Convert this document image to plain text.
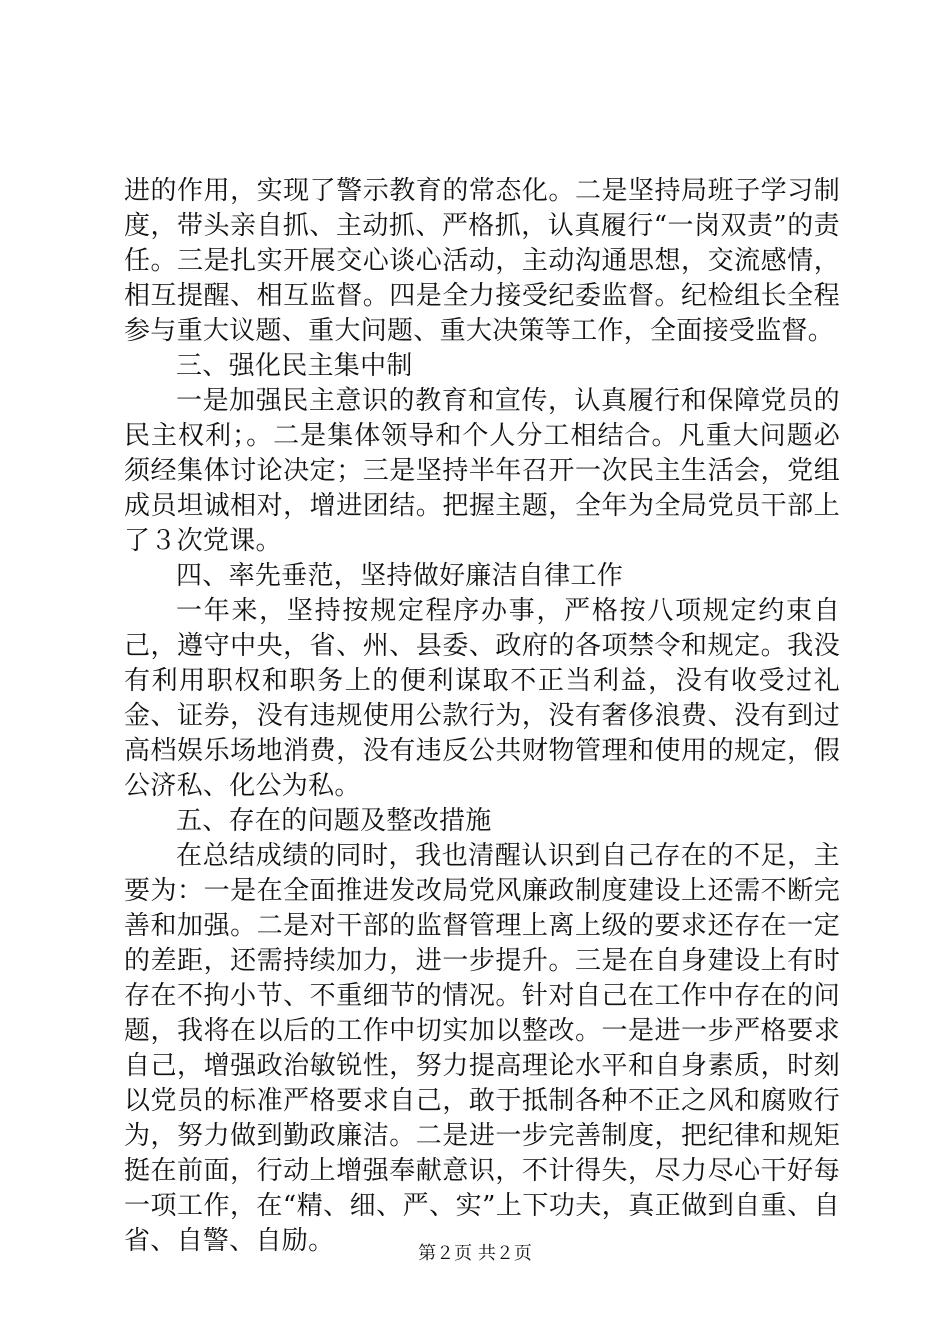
进的作用，实现了警示教育的常态化。二是坚持局班子学习制度，带头亲自抓、主动抓、严格抓，认真履行“一岗双责”的责任。三是扎实开展交心谈心活动，主动沟通思想，交流感情，相互提醒、相互监督。四是全力接受纪委监督。纪检组长全程参与重大议题、重大问题、重大决策等工作，全面接受监督。

三、强化民主集中制

一是加强民主意识的教育和宣传，认真履行和保障党员的民主权利；。二是集体领导和个人分工相结合。凡重大问题必须经集体讨论决定；三是坚持半年召开一次民主生活会，党组成员坦诚相对，增进团结。把握主题，全年为全局党员干部上了３次党课。

四、率先垂范，坚持做好廉洁自律工作

一年来，坚持按规定程序办事，严格按八项规定约束自己，遵守中央，省、州、县委、政府的各项禁令和规定。我没有利用职权和职务上的便利谋取不正当利益，没有收受过礼金、证券，没有违规使用公款行为，没有奢侈浪费、没有到过高档娱乐场地消费，没有违反公共财物管理和使用的规定，假公济私、化公为私。

五、存在的问题及整改措施

在总结成绩的同时，我也清醒认识到自己存在的不足，主要为：一是在全面推进发改局党风廉政制度建设上还需不断完善和加强。二是对干部的监督管理上离上级的要求还存在一定的差距，还需持续加力，进一步提升。三是在自身建设上有时存在不拘小节、不重细节的情况。针对自己在工作中存在的问题，我将在以后的工作中切实加以整改。一是进一步严格要求自己，增强政治敏锐性，努力提高理论水平和自身素质，时刻以党员的标准严格要求自己，敢于抵制各种不正之风和腐败行为，努力做到勤政廉洁。二是进一步完善制度，把纪律和规矩挺在前面，行动上增强奉献意识，不计得失，尽力尽心干好每一项工作，在“精、细、严、实”上下功夫，真正做到自重、自省、自警、自励。	第２页 共２页
